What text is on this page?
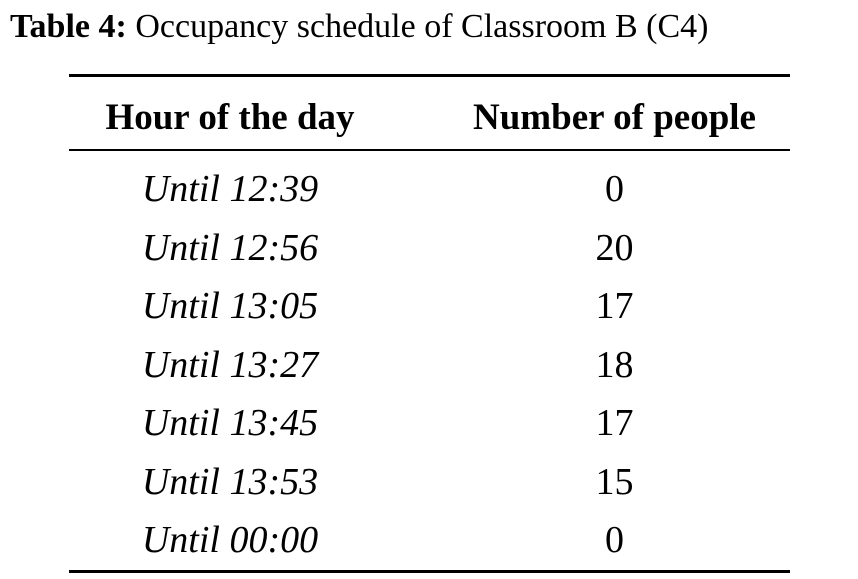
Table 4: Occupancy schedule of Classroom B (C4)
Hour of the day	Number of people
Until 12:39	0
Until 12:56	20
Until 13:05	17
Until 13:27	18
Until 13:45	17
Until 13:53	15
Until 00:00	0
